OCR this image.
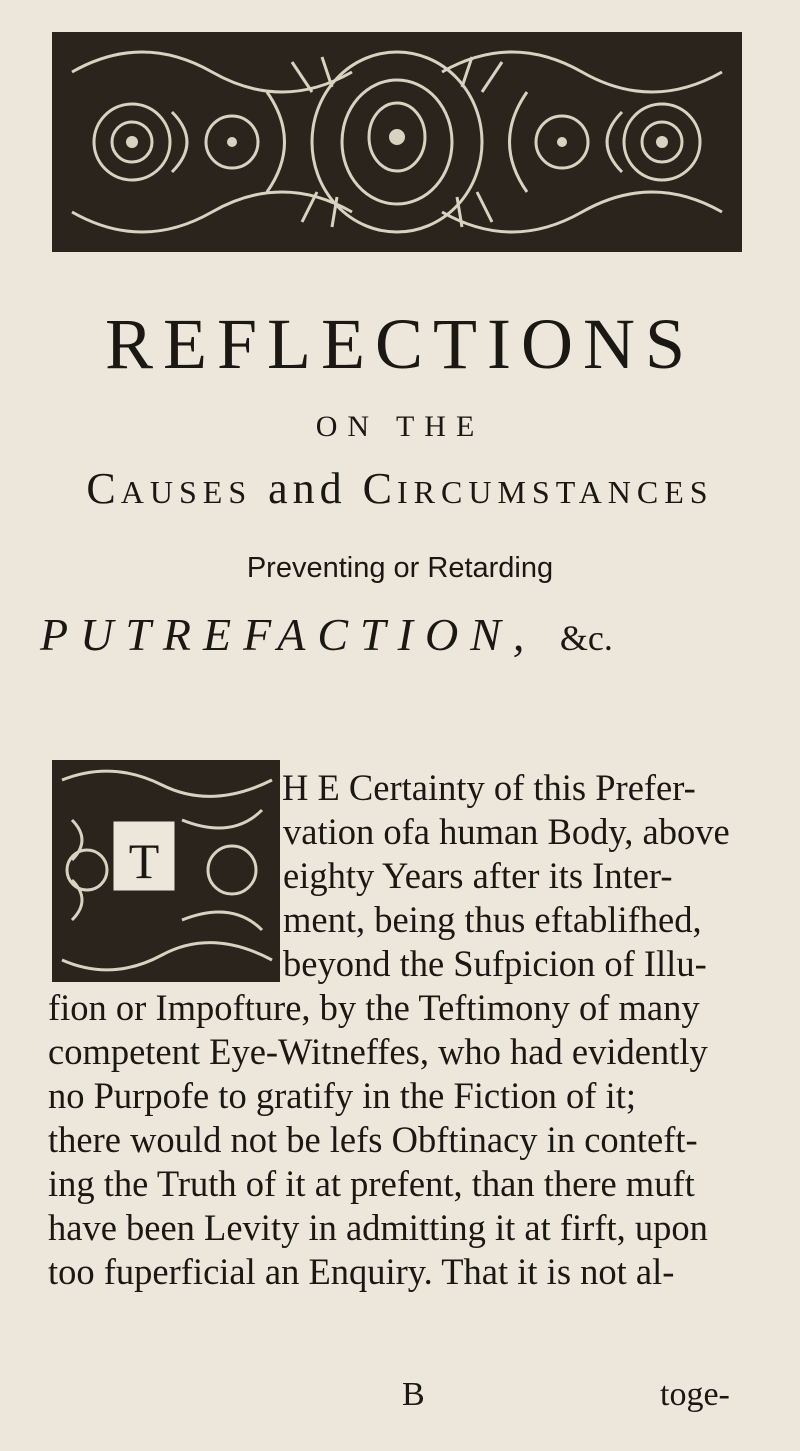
REFLECTIONS
ON THE
CAUSES and CIRCUMSTANCES
Preventing or Retarding
PUTREFACTION, &c.
T
H E Certainty of this Prefer-
vation ofa human Body, above
eighty Years after its Inter-
ment, being thus eftablifhed,
beyond the Sufpicion of Illu-
fion or Impofture, by the Teftimony of many
competent Eye-Witneffes, who had evidently
no Purpofe to gratify in the Fiction of it;
there would not be lefs Obftinacy in conteft-
ing the Truth of it at prefent, than there muft
have been Levity in admitting it at firft, upon
too fuperficial an Enquiry. That it is not al-
B	toge-
